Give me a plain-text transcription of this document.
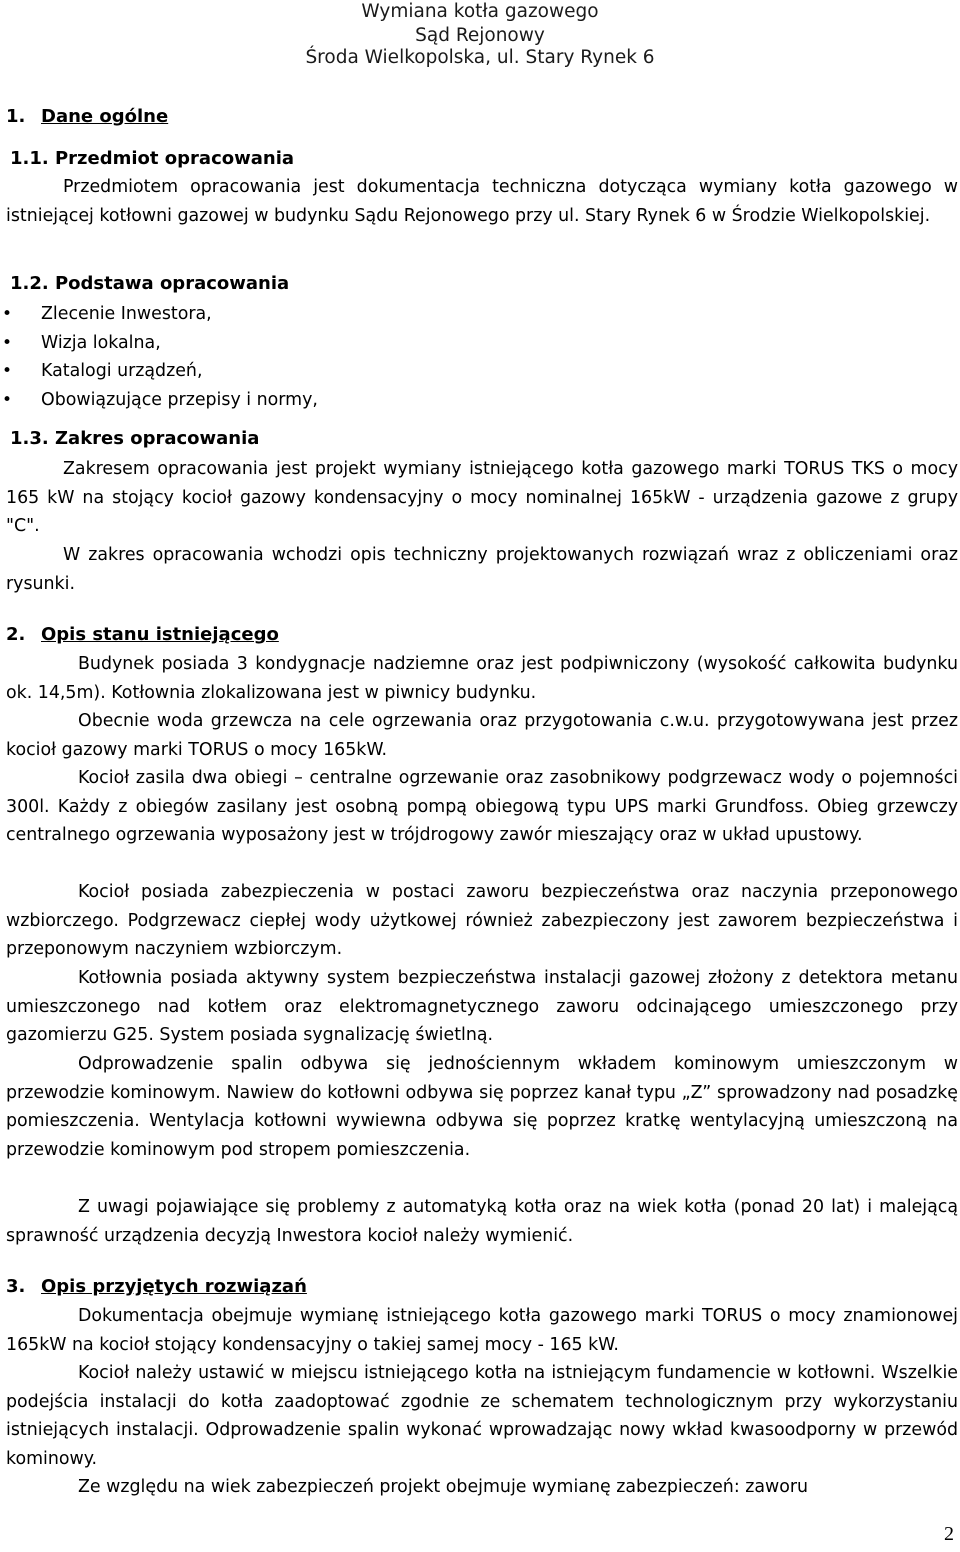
Wymiana kotła gazowego
Sąd Rejonowy
Środa Wielkopolska, ul. Stary Rynek 6
1. Dane ogólne
1.1. Przedmiot opracowania
Przedmiotem opracowania jest dokumentacja techniczna dotycząca wymiany kotła gazowego w istniejącej kotłowni gazowej w budynku Sądu Rejonowego przy ul. Stary Rynek 6 w Środzie Wielkopolskiej.
1.2. Podstawa opracowania
• Zlecenie Inwestora,
• Wizja lokalna,
• Katalogi urządzeń,
• Obowiązujące przepisy i normy,
1.3. Zakres opracowania
Zakresem opracowania jest projekt wymiany istniejącego kotła gazowego marki TORUS TKS o mocy 165 kW na stojący kocioł gazowy kondensacyjny o mocy nominalnej 165kW - urządzenia gazowe z grupy "C".
W zakres opracowania wchodzi opis techniczny projektowanych rozwiązań wraz z obliczeniami oraz rysunki.
2. Opis stanu istniejącego
Budynek posiada 3 kondygnacje nadziemne oraz jest podpiwniczony (wysokość całkowita budynku ok. 14,5m). Kotłownia zlokalizowana jest w piwnicy budynku.
Obecnie woda grzewcza na cele ogrzewania oraz przygotowania c.w.u. przygotowywana jest przez kocioł gazowy marki TORUS o mocy 165kW.
Kocioł zasila dwa obiegi – centralne ogrzewanie oraz zasobnikowy podgrzewacz wody o pojemności 300l. Każdy z obiegów zasilany jest osobną pompą obiegową typu UPS marki Grundfoss. Obieg grzewczy centralnego ogrzewania wyposażony jest w trójdrogowy zawór mieszający oraz w układ upustowy.
Kocioł posiada zabezpieczenia w postaci zaworu bezpieczeństwa oraz naczynia przeponowego wzbiorczego. Podgrzewacz ciepłej wody użytkowej również zabezpieczony jest zaworem bezpieczeństwa i przeponowym naczyniem wzbiorczym.
Kotłownia posiada aktywny system bezpieczeństwa instalacji gazowej złożony z detektora metanu umieszczonego nad kotłem oraz elektromagnetycznego zaworu odcinającego umieszczonego przy gazomierzu G25. System posiada sygnalizację świetlną.
Odprowadzenie spalin odbywa się jednościennym wkładem kominowym umieszczonym w przewodzie kominowym. Nawiew do kotłowni odbywa się poprzez kanał typu „Z” sprowadzony nad posadzkę pomieszczenia. Wentylacja kotłowni wywiewna odbywa się poprzez kratkę wentylacyjną umieszczoną na przewodzie kominowym pod stropem pomieszczenia.
Z uwagi pojawiające się problemy z automatyką kotła oraz na wiek kotła (ponad 20 lat) i malejącą sprawność urządzenia decyzją Inwestora kocioł należy wymienić.
3. Opis przyjętych rozwiązań
Dokumentacja obejmuje wymianę istniejącego kotła gazowego marki TORUS o mocy znamionowej 165kW na kocioł stojący kondensacyjny o takiej samej mocy - 165 kW.
Kocioł należy ustawić w miejscu istniejącego kotła na istniejącym fundamencie w kotłowni. Wszelkie podejścia instalacji do kotła zaadoptować zgodnie ze schematem technologicznym przy wykorzystaniu istniejących instalacji. Odprowadzenie spalin wykonać wprowadzając nowy wkład kwasoodporny w przewód kominowy.
Ze względu na wiek zabezpieczeń projekt obejmuje wymianę zabezpieczeń: zaworu
2
